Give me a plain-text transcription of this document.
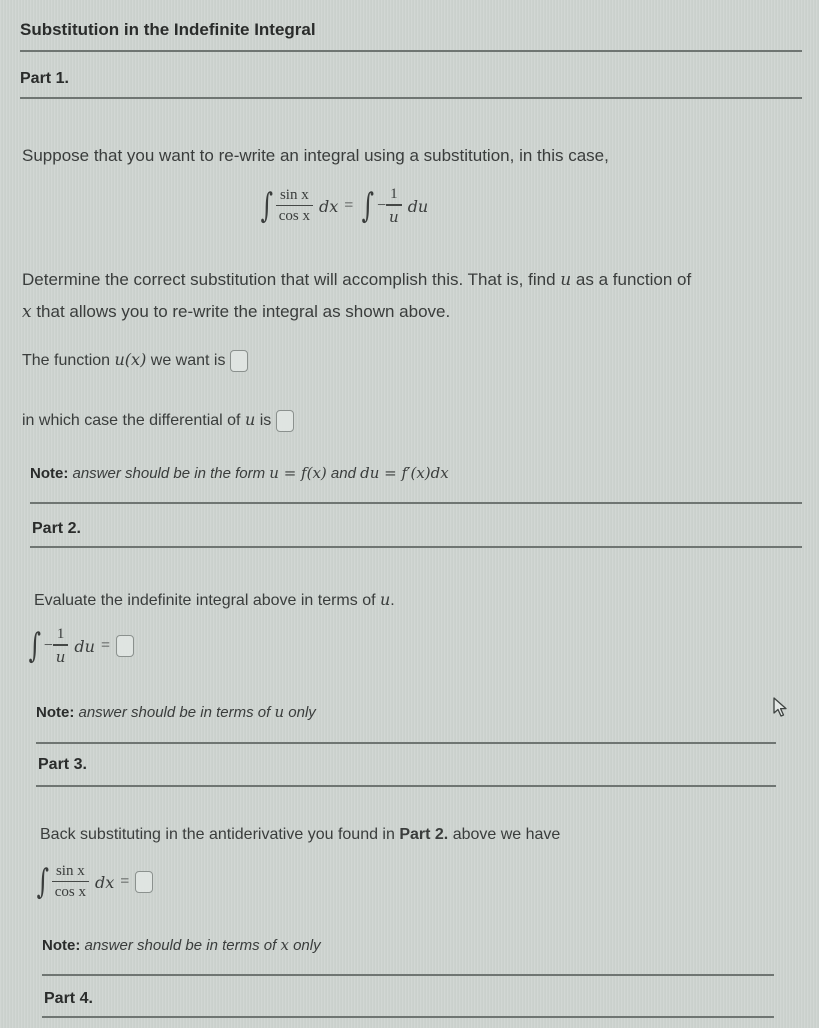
Substitution in the Indefinite Integral
Part 1.
Suppose that you want to re-write an integral using a substitution, in this case,
∫ $\frac{\text{sin x}}{\text{cos x}}$ dx = ∫ − $\frac{1}{u}$ du
Determine the correct substitution that will accomplish this. That is, find u as a function of
x that allows you to re-write the integral as shown above.
The function u(x) we want is
in which case the differential of u is
Note: answer should be in the form u = f(x) and du = f′(x)dx
Part 2.
Evaluate the indefinite integral above in terms of u.
∫ − $\frac{1}{u}$ du =
Note: answer should be in terms of u only
Part 3.
Back substituting in the antiderivative you found in Part 2. above we have
∫ $\frac{\text{sin x}}{\text{cos x}}$ dx =
Note: answer should be in terms of x only
Part 4.
